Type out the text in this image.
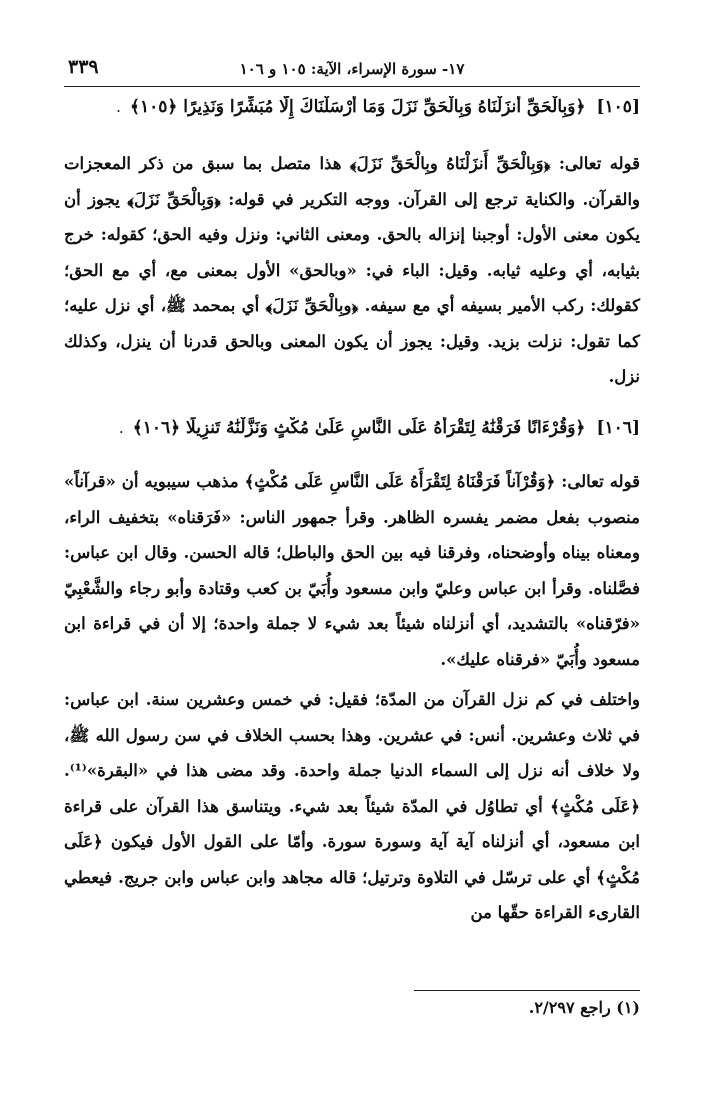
٣٣٩	١٧- سورة الإسراء، الآية: ١٠٥ و ١٠٦
[١٠٥] ﴿وَبِالْحَقِّ أَنزَلْنَاهُ وَبِالْحَقِّ نَزَلَ وَمَا أَرْسَلْنَاكَ إِلَّا مُبَشِّرًا وَنَذِيرًا ﴿١٠٥﴾ .

قوله تعالى: ﴿وَبِالْحَقِّ أَنزَلْنَاهُ وبِالْحَقِّ نَزَلَ﴾ هذا متصل بما سبق من ذكر المعجزات والقرآن. والكناية ترجع إلى القرآن. ووجه التكرير في قوله: ﴿وَبِالْحَقِّ نَزَلَ﴾ يجوز أن يكون معنى الأول: أوجبنا إنزاله بالحق. ومعنى الثاني: ونزل وفيه الحق؛ كقوله: خرج بثيابه، أي وعليه ثيابه. وقيل: الباء في: «وبالحق» الأول بمعنى مع، أي مع الحق؛ كقولك: ركب الأمير بسيفه أي مع سيفه. ﴿وبِالْحَقِّ نَزَلَ﴾ أي بمحمد ﷺ، أي نزل عليه؛ كما تقول: نزلت بزيد. وقيل: يجوز أن يكون المعنى وبالحق قدرنا أن ينزل، وكذلك نزل.

[١٠٦] ﴿وَقُرْءَانًا فَرَقْنَٰهُ لِتَقْرَأَهُ عَلَى النَّاسِ عَلَىٰ مُكْثٍ وَنَزَّلْنَٰهُ تَنزِيلًا ﴿١٠٦﴾ .

قوله تعالى: ﴿وَقُرْآناً فَرَقْنَاهُ لِتَقْرَأَهُ عَلَى النَّاسِ عَلَى مُكْثٍ﴾ مذهب سيبويه أن «قرآناً» منصوب بفعل مضمر يفسره الظاهر. وقرأ جمهور الناس: «فَرَقناه» بتخفيف الراء، ومعناه بيناه وأوضحناه، وفرقنا فيه بين الحق والباطل؛ قاله الحسن. وقال ابن عباس: فصَّلناه. وقرأ ابن عباس وعليّ وابن مسعود وأُبَيّ بن كعب وقتادة وأبو رجاء والشَّعْبِيّ «فرّقناه» بالتشديد، أي أنزلناه شيئاً بعد شيء لا جملة واحدة؛ إلا أن في قراءة ابن مسعود وأُبَيّ «فرقناه عليك».

واختلف في كم نزل القرآن من المدّة؛ فقيل: في خمس وعشرين سنة. ابن عباس: في ثلاث وعشرين. أنس: في عشرين. وهذا بحسب الخلاف في سن رسول الله ﷺ، ولا خلاف أنه نزل إلى السماء الدنيا جملة واحدة. وقد مضى هذا في «البقرة»⁽¹⁾. ﴿عَلَى مُكْثٍ﴾ أي تطاوُل في المدّة شيئاً بعد شيء. ويتناسق هذا القرآن على قراءة ابن مسعود، أي أنزلناه آية آية وسورة سورة. وأمّا على القول الأول فيكون ﴿عَلَى مُكْثٍ﴾ أي على ترسّل في التلاوة وترتيل؛ قاله مجاهد وابن عباس وابن جريج. فيعطي القارىء القراءة حقّها من

(١) راجع ٢/٢٩٧.
